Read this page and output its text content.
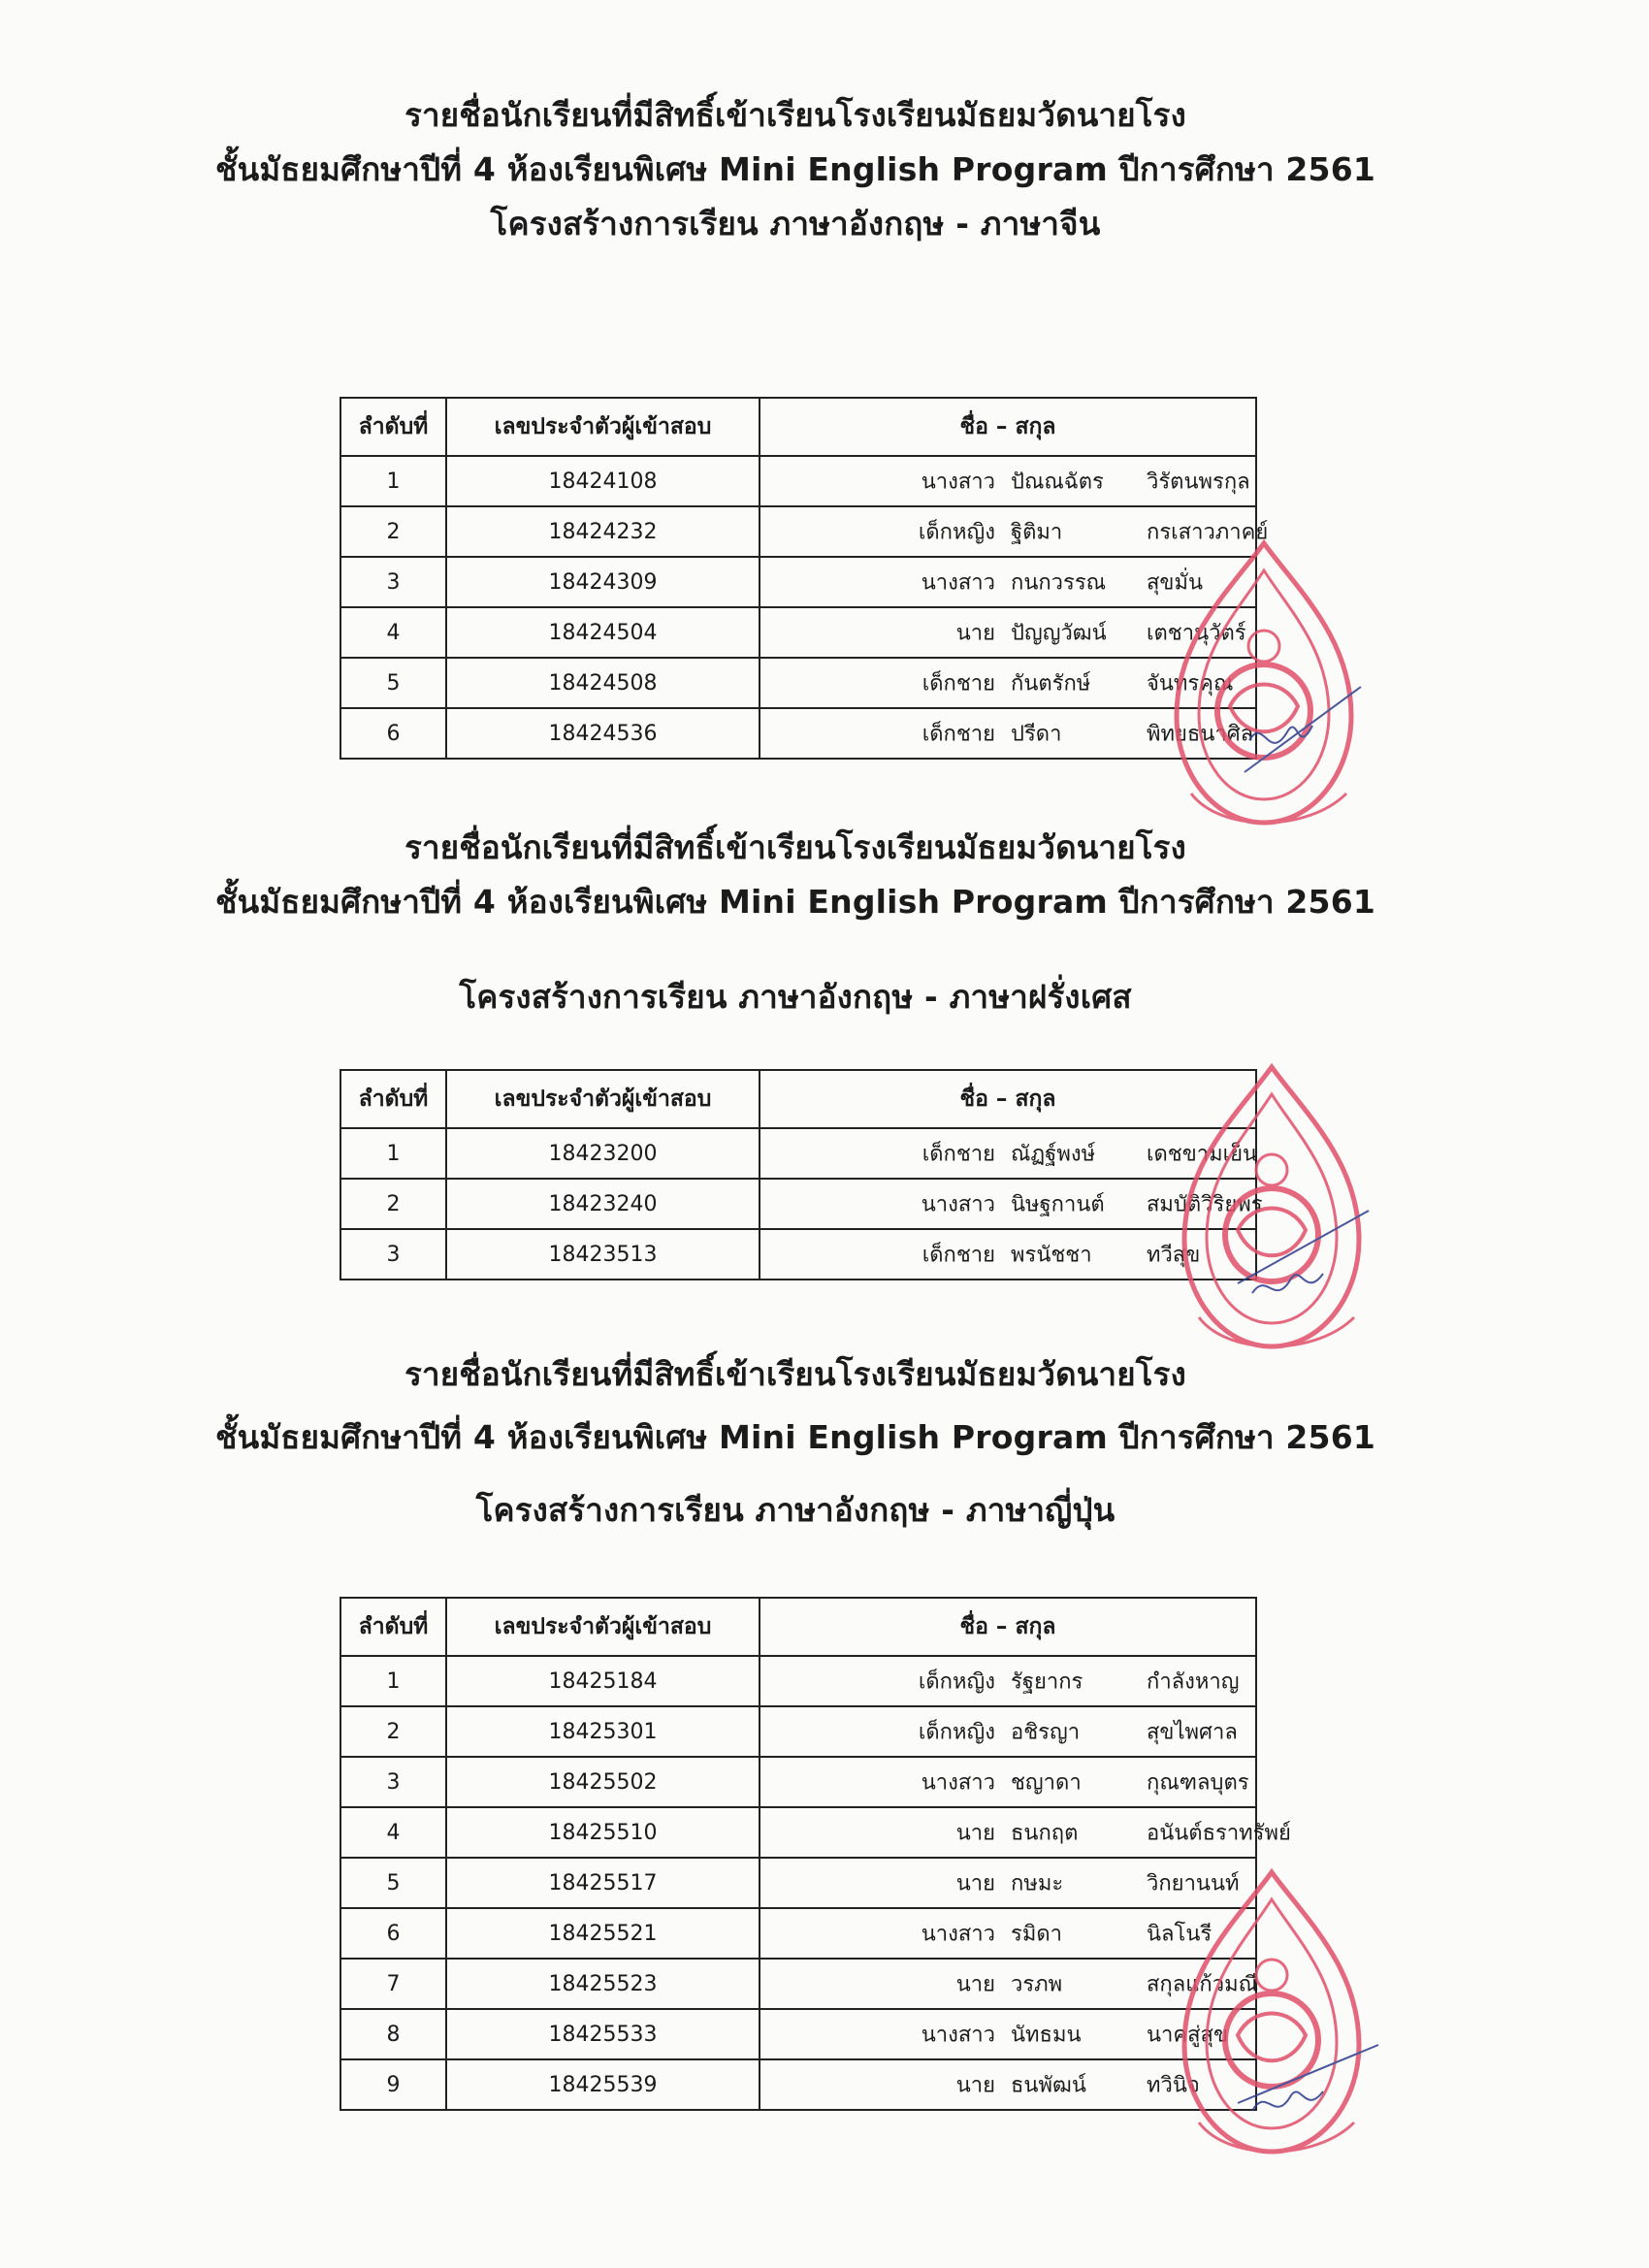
รายชื่อนักเรียนที่มีสิทธิ์เข้าเรียนโรงเรียนมัธยมวัดนายโรง
ชั้นมัธยมศึกษาปีที่ 4 ห้องเรียนพิเศษ Mini English Program ปีการศึกษา 2561
โครงสร้างการเรียน ภาษาอังกฤษ - ภาษาจีน
ลำดับที่	เลขประจำตัวผู้เข้าสอบ	ชื่อ – สกุล
1	18424108	นางสาว ปัณณฉัตร วิรัตนพรกุล

2	18424232	เด็กหญิง ฐิติมา กรเสาวภาคย์

3	18424309	นางสาว กนกวรรณ สุขมั่น

4	18424504	นาย ปัญญวัฒน์ เตชานุวัตร์

5	18424508	เด็กชาย กันตรักษ์ จันทรคุณ

6	18424536	เด็กชาย ปรีดา พิทยธนาศิล
รายชื่อนักเรียนที่มีสิทธิ์เข้าเรียนโรงเรียนมัธยมวัดนายโรง
ชั้นมัธยมศึกษาปีที่ 4 ห้องเรียนพิเศษ Mini English Program ปีการศึกษา 2561
โครงสร้างการเรียน ภาษาอังกฤษ - ภาษาฝรั่งเศส
ลำดับที่	เลขประจำตัวผู้เข้าสอบ	ชื่อ – สกุล
1	18423200	เด็กชาย ณัฏฐ์พงษ์ เดชขามเย็น

2	18423240	นางสาว นิษฐกานต์ สมบัติวิริยพร

3	18423513	เด็กชาย พรนัชชา ทวีสุข
รายชื่อนักเรียนที่มีสิทธิ์เข้าเรียนโรงเรียนมัธยมวัดนายโรง
ชั้นมัธยมศึกษาปีที่ 4 ห้องเรียนพิเศษ Mini English Program ปีการศึกษา 2561
โครงสร้างการเรียน ภาษาอังกฤษ - ภาษาญี่ปุ่น
ลำดับที่	เลขประจำตัวผู้เข้าสอบ	ชื่อ – สกุล
1	18425184	เด็กหญิง รัฐยากร กำลังหาญ

2	18425301	เด็กหญิง อชิรญา สุขไพศาล

3	18425502	นางสาว ชญาดา กุณฑลบุตร

4	18425510	นาย ธนกฤต อนันต์ธราทรัพย์

5	18425517	นาย กษมะ วิกยานนท์

6	18425521	นางสาว รมิดา นิลโนรี

7	18425523	นาย วรภพ สกุลแก้วมณี

8	18425533	นางสาว นัทธมน นาคสู่สุข

9	18425539	นาย ธนพัฒน์ ทวินิจ
